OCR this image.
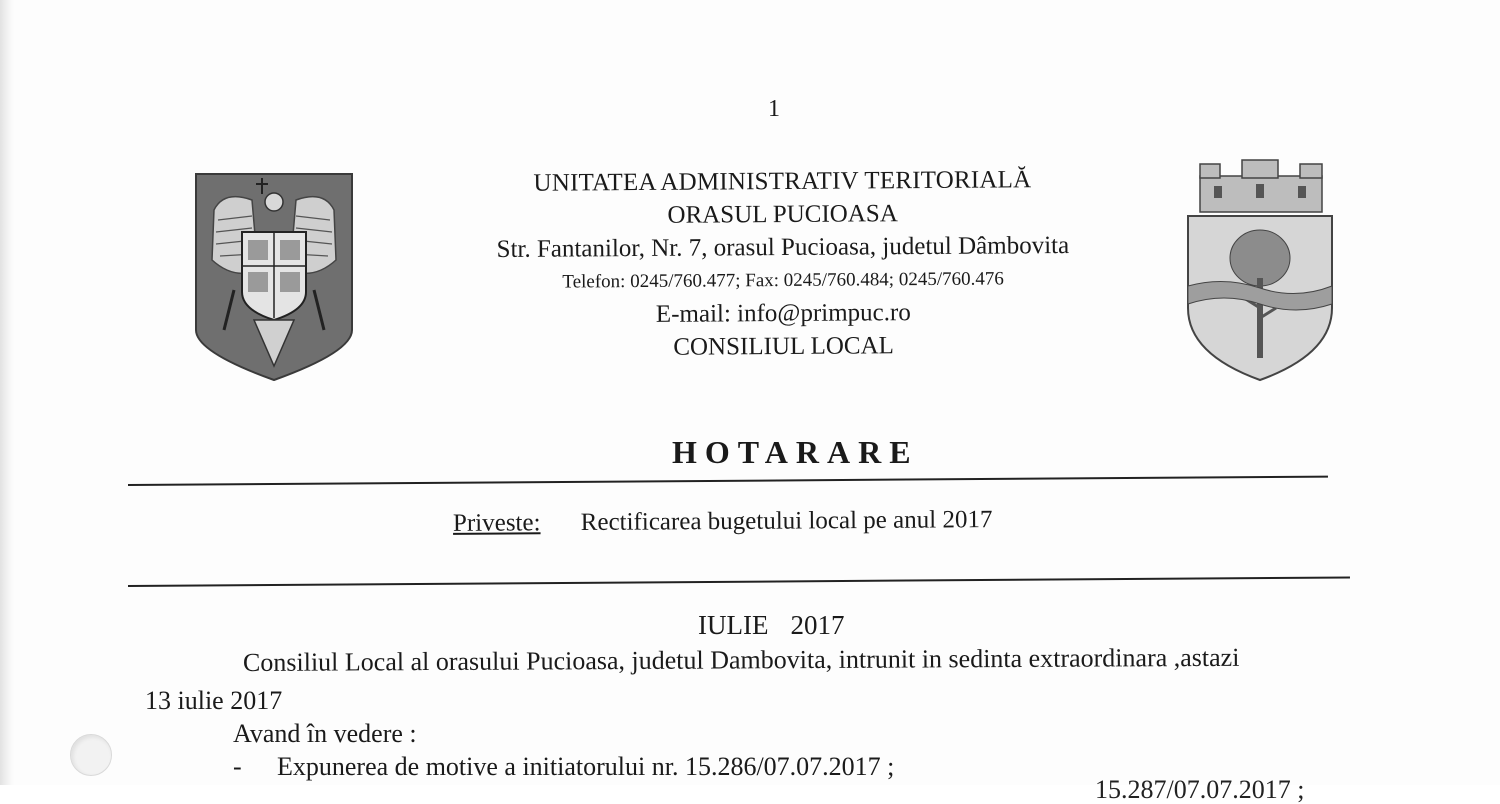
1
UNITATEA ADMINISTRATIV TERITORIALĂ
ORASUL PUCIOASA
Str. Fantanilor, Nr. 7, orasul Pucioasa, judetul Dâmbovita
Telefon: 0245/760.477; Fax: 0245/760.484; 0245/760.476
E-mail: info@primpuc.ro
CONSILIUL LOCAL
HOTARARE
Priveste: Rectificarea bugetului local pe anul 2017
IULIE 2017
Consiliul Local al orasului Pucioasa, judetul Dambovita, intrunit in sedinta extraordinara ,astazi
13 iulie 2017
Avand în vedere :
- Expunerea de motive a initiatorului nr. 15.286/07.07.2017 ;
15.287/07.07.2017 ;
